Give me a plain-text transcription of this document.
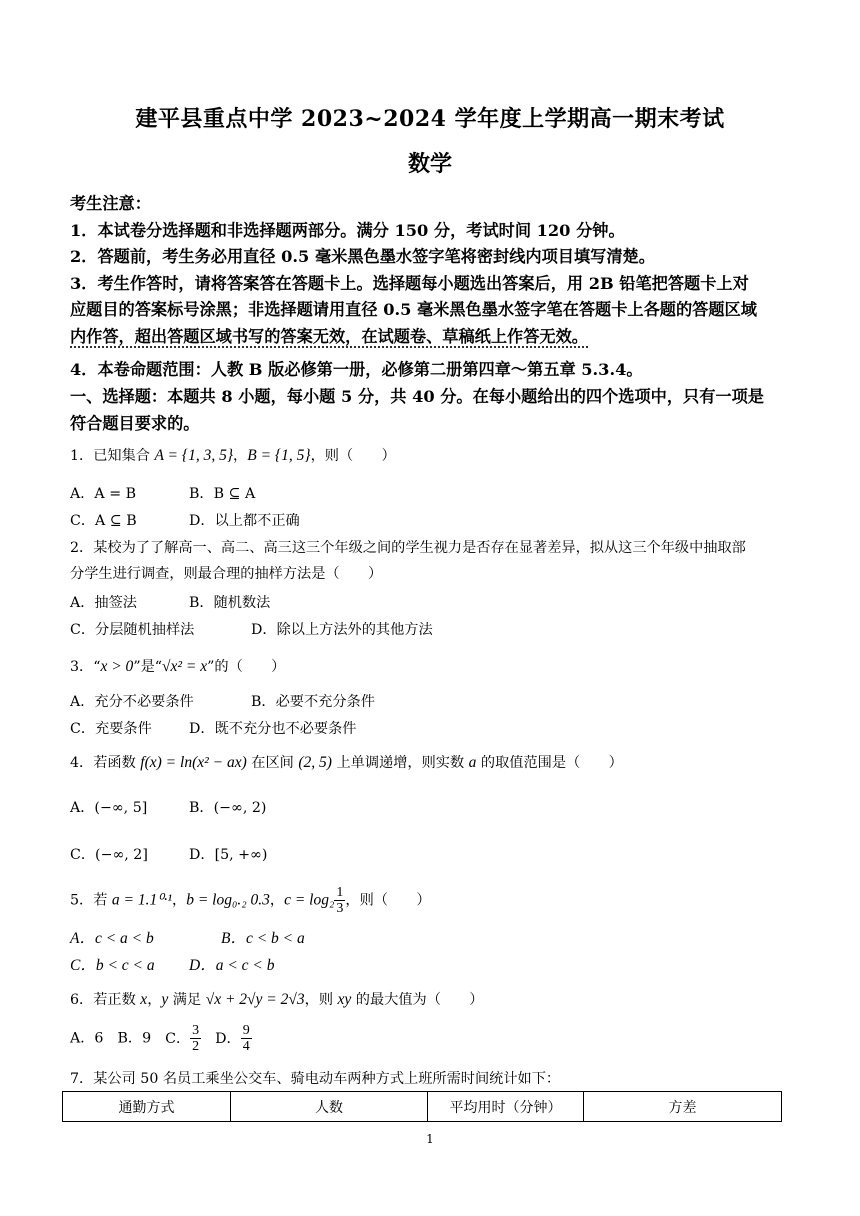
建平县重点中学 2023~2024 学年度上学期高一期末考试
数学
考生注意：
1．本试卷分选择题和非选择题两部分。满分 150 分，考试时间 120 分钟。
2．答题前，考生务必用直径 0.5 毫米黑色墨水签字笔将密封线内项目填写清楚。
3．考生作答时，请将答案答在答题卡上。选择题每小题选出答案后，用 2B 铅笔把答题卡上对
应题目的答案标号涂黑；非选择题请用直径 0.5 毫米黑色墨水签字笔在答题卡上各题的答题区域
内作答，超出答题区域书写的答案无效，在试题卷、草稿纸上作答无效。
4．本卷命题范围：人教 B 版必修第一册，必修第二册第四章～第五章 5.3.4。
一、选择题：本题共 8 小题，每小题 5 分，共 40 分。在每小题给出的四个选项中，只有一项是
符合题目要求的。
1．已知集合 A = {1, 3, 5}，B = {1, 5}，则（　　）
A．A = B	B．B ⊆ A
C．A ⊆ B	D．以上都不正确
2．某校为了了解高一、高二、高三这三个年级之间的学生视力是否存在显著差异，拟从这三个年级中抽取部
分学生进行调查，则最合理的抽样方法是（　　）
A．抽签法	B．随机数法
C．分层随机抽样法	D．除以上方法外的其他方法
3．“x > 0”是“√x² = x”的（　　）
A．充分不必要条件	B．必要不充分条件
C．充要条件	D．既不充分也不必要条件
4．若函数 f(x) = ln(x² − ax) 在区间 (2, 5) 上单调递增，则实数 a 的取值范围是（　　）
A．(−∞, 5]	B．(−∞, 2)
C．(−∞, 2]	D．[5, +∞)
5．若 a = 1.1⁰·¹，b = log₀.₂ 0.3，$c = \log_2 \frac{1}{3}$ ，则（　　）
A．c < a < b	B．c < b < a
C．b < c < a D．a < c < b
6．若正数 x，y 满足 √x + 2√y = 2√3，则 xy 的最大值为（　　）
A．6 B．9 C． $\frac{3}{2}$ D． $\frac{9}{4}$
7．某公司 50 名员工乘坐公交车、骑电动车两种方式上班所需时间统计如下：
通勤方式	人数	平均用时（分钟）	方差
1
